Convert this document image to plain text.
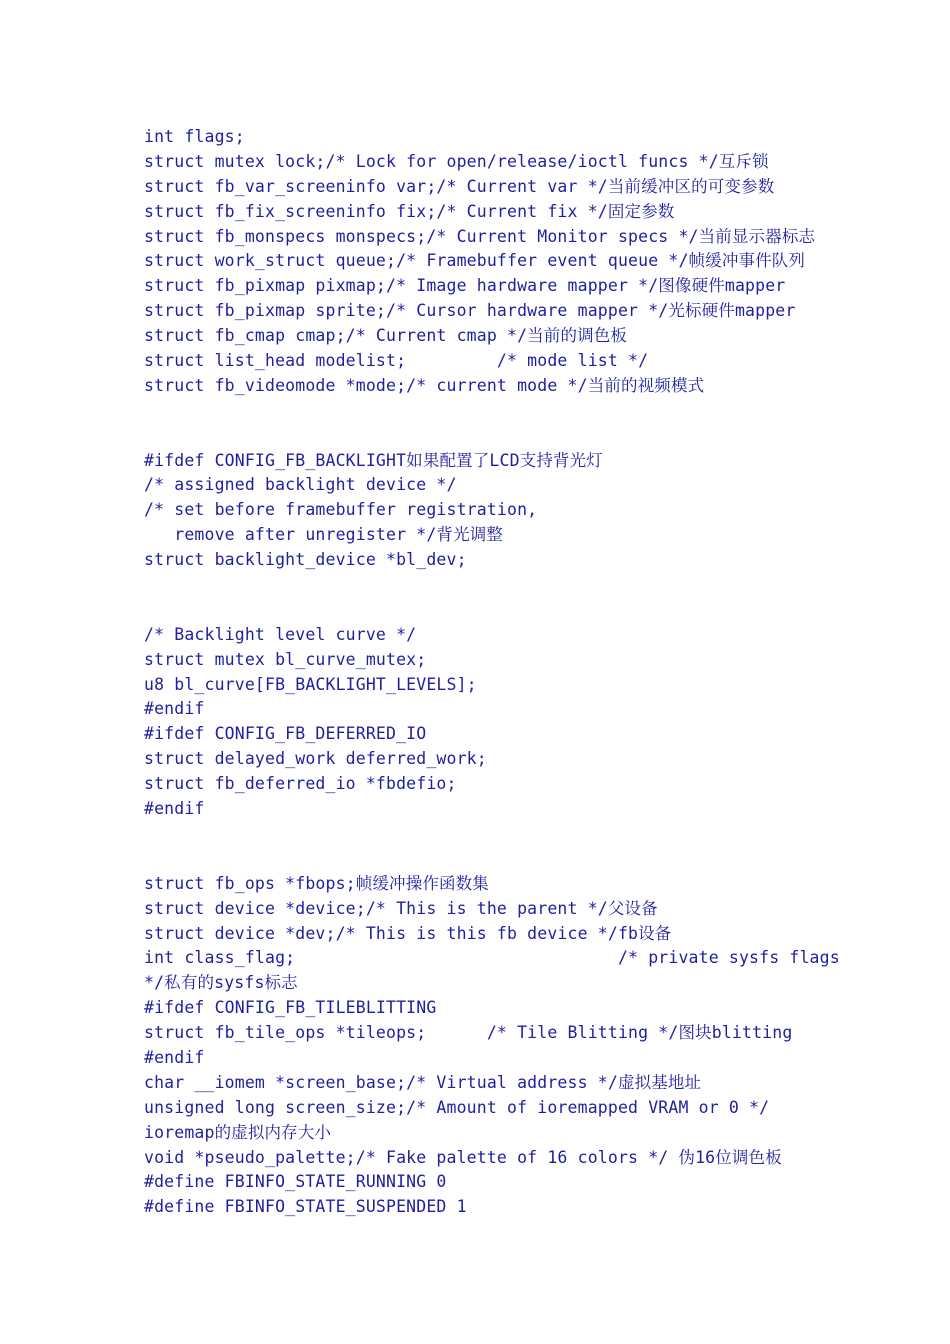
int flags;
struct mutex lock;/* Lock for open/release/ioctl funcs */互斥锁
struct fb_var_screeninfo var;/* Current var */当前缓冲区的可变参数
struct fb_fix_screeninfo fix;/* Current fix */固定参数
struct fb_monspecs monspecs;/* Current Monitor specs */当前显示器标志
struct work_struct queue;/* Framebuffer event queue */帧缓冲事件队列
struct fb_pixmap pixmap;/* Image hardware mapper */图像硬件mapper
struct fb_pixmap sprite;/* Cursor hardware mapper */光标硬件mapper
struct fb_cmap cmap;/* Current cmap */当前的调色板
struct list_head modelist;         /* mode list */
struct fb_videomode *mode;/* current mode */当前的视频模式
#ifdef CONFIG_FB_BACKLIGHT如果配置了LCD支持背光灯
/* assigned backlight device */
/* set before framebuffer registration,
remove after unregister */背光调整
struct backlight_device *bl_dev;
/* Backlight level curve */
struct mutex bl_curve_mutex;
u8 bl_curve[FB_BACKLIGHT_LEVELS];
#endif
#ifdef CONFIG_FB_DEFERRED_IO
struct delayed_work deferred_work;
struct fb_deferred_io *fbdefio;
#endif
struct fb_ops *fbops;帧缓冲操作函数集
struct device *device;/* This is the parent */父设备
struct device *dev;/* This is this fb device */fb设备
int class_flag;                                /* private sysfs flags
*/私有的sysfs标志
#ifdef CONFIG_FB_TILEBLITTING
struct fb_tile_ops *tileops;      /* Tile Blitting */图块blitting
#endif
char __iomem *screen_base;/* Virtual address */虚拟基地址
unsigned long screen_size;/* Amount of ioremapped VRAM or 0 */
ioremap的虚拟内存大小
void *pseudo_palette;/* Fake palette of 16 colors */ 伪16位调色板
#define FBINFO_STATE_RUNNING 0
#define FBINFO_STATE_SUSPENDED 1
